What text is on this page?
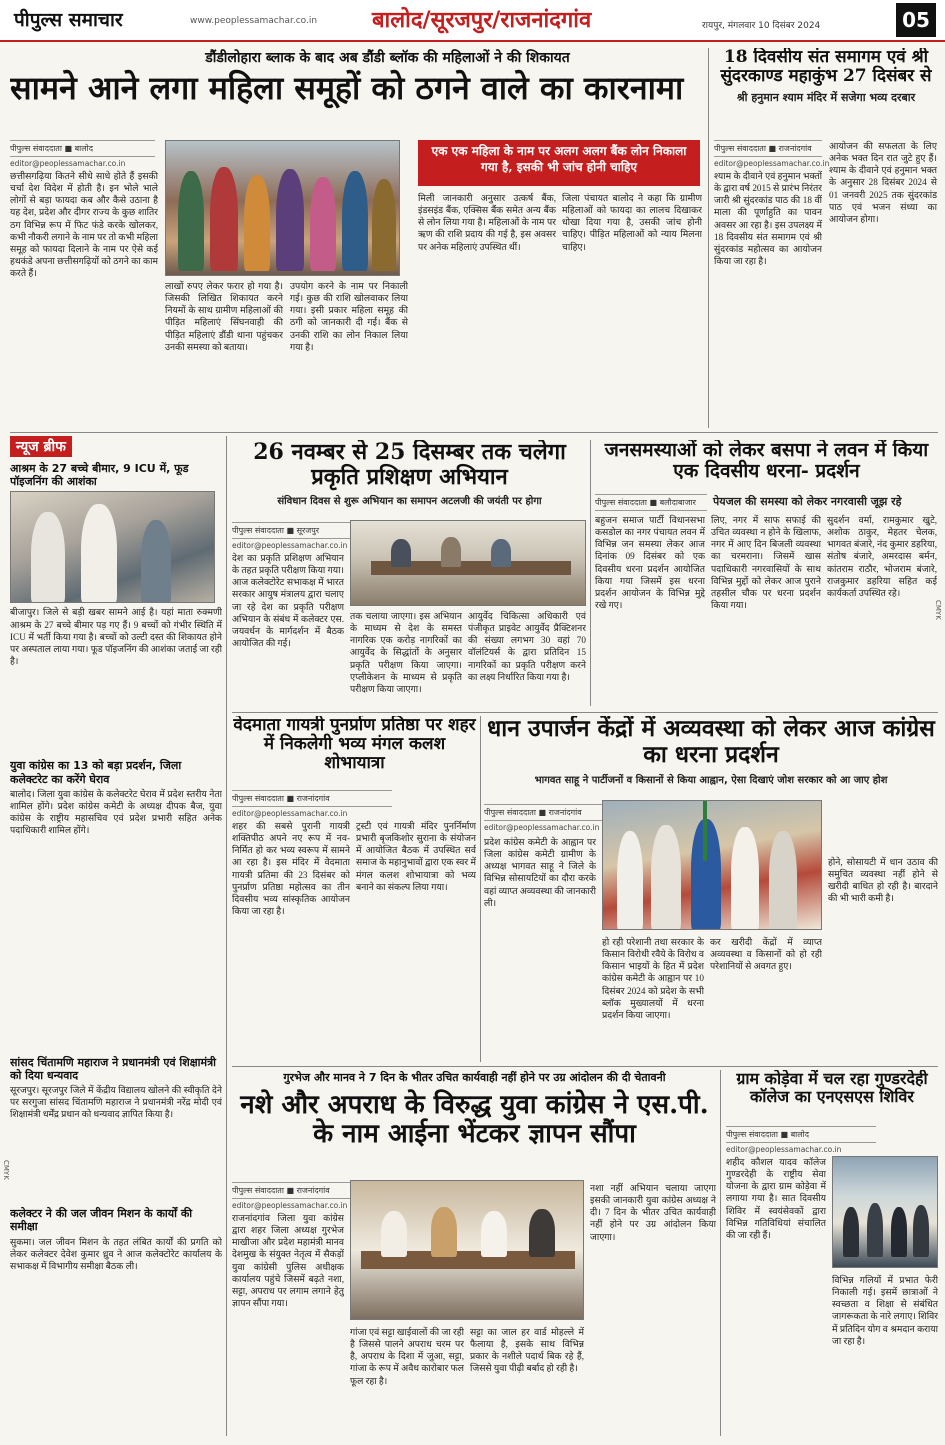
पीपुल्स समाचार	www.peoplessamachar.co.in बालोद/सूरजपुर/राजनांदगांव	रायपुर, मंगलवार 10 दिसंबर 2024	05
डौंडीलोहारा ब्लाक के बाद अब डौंडी ब्लॉक की महिलाओं ने की शिकायत
सामने आने लगा महिला समूहों को ठगने वाले का कारनामा
पीपुल्स संवाददाता ■ बालोद
editor@peoplessamachar.co.in
छत्तीसगढ़िया कितने सीधे साधे होते हैं इसकी चर्चा देश विदेश में होती है। इन भोले भाले लोगों से बड़ा फायदा कब और कैसे उठाना है यह देश, प्रदेश और दीगर राज्य के कुछ शातिर ठग विभिन्न रूप में फिट फंडे करके खोलकर, कभी नौकरी लगाने के नाम पर तो कभी महिला समूह को फायदा दिलाने के नाम पर ऐसे कई हथकंडे अपना छत्तीसगढ़ियों को ठगने का काम करते हैं।
लाखों रुपए लेकर फरार हो गया है। जिसकी लिखित शिकायत करने नियमों के साथ ग्रामीण महिलाओं की पीड़ित महिलाएं सिंघनवाही की पीड़ित महिलाएं डौंडी थाना पहुंचकर उनकी समस्या को बताया।
उपयोग करने के नाम पर निकाली गई। कुछ की राशि खोलवाकर लिया गया। इसी प्रकार महिला समूह की ठगी को जानकारी दी गई। बैंक से उनकी राशि का लोन निकाल लिया गया है।
एक एक महिला के नाम पर अलग अलग बैंक लोन निकाला गया है, इसकी भी जांच होनी चाहिए
मिली जानकारी अनुसार उत्कर्ष बैंक, इंडसइंड बैंक, एक्सिस बैंक समेत अन्य बैंक से लोन लिया गया है। महिलाओं के नाम पर ऋण की राशि प्रदाय की गई है, इस अवसर पर अनेक महिलाएं उपस्थित थीं।
जिला पंचायत बालोद ने कहा कि ग्रामीण महिलाओं को फायदा का लालच दिखाकर धोखा दिया गया है, उसकी जांच होनी चाहिए। पीड़ित महिलाओं को न्याय मिलना चाहिए।
18 दिवसीय संत समागम एवं श्री सुंदरकाण्ड महाकुंभ 27 दिसंबर से
श्री हनुमान श्याम मंदिर में सजेगा भव्य दरबार
पीपुल्स संवाददाता ■ राजनांदगांव
editor@peoplessamachar.co.in
श्याम के दीवाने एवं हनुमान भक्तों के द्वारा वर्ष 2015 से प्रारंभ निरंतर जारी श्री सुंदरकांड पाठ की 18 वीं माला की पूर्णाहुति का पावन अवसर आ रहा है। इस उपलक्ष्य में 18 दिवसीय संत समागम एवं श्री सुंदरकांड महोत्सव का आयोजन किया जा रहा है।
आयोजन की सफलता के लिए अनेक भक्त दिन रात जुटे हुए हैं। श्याम के दीवाने एवं हनुमान भक्त के अनुसार 28 दिसंबर 2024 से 01 जनवरी 2025 तक सुंदरकांड पाठ एवं भजन संध्या का आयोजन होगा।
न्यूज ब्रीफ
आश्रम के 27 बच्चे बीमार, 9 ICU में, फूड पॉइजनिंग की आशंका
बीजापुर। जिले से बड़ी खबर सामने आई है। यहां माता रुक्मणी आश्रम के 27 बच्चे बीमार पड़ गए हैं। 9 बच्चों को गंभीर स्थिति में ICU में भर्ती किया गया है। बच्चों को उल्टी दस्त की शिकायत होने पर अस्पताल लाया गया। फूड पॉइजनिंग की आशंका जताई जा रही है।
युवा कांग्रेस का 13 को बड़ा प्रदर्शन, जिला कलेक्टरेट का करेंगे घेराव
बालोद। जिला युवा कांग्रेस के कलेक्टरेट घेराव में प्रदेश स्तरीय नेता शामिल होंगे। प्रदेश कांग्रेस कमेटी के अध्यक्ष दीपक बैज, युवा कांग्रेस के राष्ट्रीय महासचिव एवं प्रदेश प्रभारी सहित अनेक पदाधिकारी शामिल होंगे।
सांसद चिंतामणि महाराज ने प्रधानमंत्री एवं शिक्षामंत्री को दिया धन्यवाद
सूरजपुर। सूरजपुर जिले में केंद्रीय विद्यालय खोलने की स्वीकृति देने पर सरगुजा सांसद चिंतामणि महाराज ने प्रधानमंत्री नरेंद्र मोदी एवं शिक्षामंत्री धर्मेंद्र प्रधान को धन्यवाद ज्ञापित किया है।
कलेक्टर ने की जल जीवन मिशन के कार्यों की समीक्षा
सुकमा। जल जीवन मिशन के तहत लंबित कार्यों की प्रगति को लेकर कलेक्टर देवेश कुमार ध्रुव ने आज कलेक्टोरेट कार्यालय के सभाकक्ष में विभागीय समीक्षा बैठक ली।
26 नवम्बर से 25 दिसम्बर तक चलेगा प्रकृति प्रशिक्षण अभियान
संविधान दिवस से शुरू अभियान का समापन अटलजी की जयंती पर होगा
पीपुल्स संवाददाता ■ सूरजपुर
editor@peoplessamachar.co.in
देश का प्रकृति प्रशिक्षण अभियान के तहत प्रकृति परीक्षण किया गया। आज कलेक्टोरेट सभाकक्ष में भारत सरकार आयुष मंत्रालय द्वारा चलाए जा रहे देश का प्रकृति परीक्षण अभियान के संबंध में कलेक्टर एस. जयवर्धन के मार्गदर्शन में बैठक आयोजित की गई।
तक चलाया जाएगा। इस अभियान के माध्यम से देश के समस्त नागरिक एक करोड़ नागरिकों का आयुर्वेद के सिद्धांतों के अनुसार प्रकृति परीक्षण किया जाएगा। एप्लीकेशन के माध्यम से प्रकृति परीक्षण किया जाएगा।
आयुर्वेद चिकित्सा अधिकारी एवं पंजीकृत प्राइवेट आयुर्वेद प्रैक्टिशनर की संख्या लगभग 30 वहां 70 वॉलंटियर्स के द्वारा प्रतिदिन 15 नागरिकों का प्रकृति परीक्षण करने का लक्ष्य निर्धारित किया गया है।
जनसमस्याओं को लेकर बसपा ने लवन में किया एक दिवसीय धरना- प्रदर्शन
पीपुल्स संवाददाता ■ बलौदाबाजार	पेयजल की समस्या को लेकर नगरवासी जूझ रहे
बहुजन समाज पार्टी विधानसभा कसडोल का नगर पंचायत लवन में विभिन्न जन समस्या लेकर आज दिनांक 09 दिसंबर को एक दिवसीय धरना प्रदर्शन आयोजित किया गया जिसमें इस धरना प्रदर्शन आयोजन के विभिन्न मुद्दे रखे गए।
लिए, नगर में साफ सफाई की उचित व्यवस्था न होने के खिलाफ, नगर में आए दिन बिजली व्यवस्था का चरमराना। जिसमें खास पदाधिकारी नगरवासियों के साथ विभिन्न मुद्दों को लेकर आज पुराने तहसील चौक पर धरना प्रदर्शन किया गया।
सुदर्शन वर्मा, रामकुमार खुटे, अशोक ठाकुर, मेहतर चेलक, भागवत बंजारे, नंद कुमार डहरिया, संतोष बंजारे, अमरदास बर्मन, कांतराम राठौर, भोजराम बंजारे, राजकुमार डहरिया सहित कई कार्यकर्ता उपस्थित रहे।
वेदमाता गायत्री पुनर्प्राण प्रतिष्ठा पर शहर में निकलेगी भव्य मंगल कलश शोभायात्रा
पीपुल्स संवाददाता ■ राजनांदगांव
editor@peoplessamachar.co.in
शहर की सबसे पुरानी गायत्री शक्तिपीठ अपने नए रूप में नव-निर्मित हो कर भव्य स्वरूप में सामने आ रहा है। इस मंदिर में वेदमाता गायत्री प्रतिमा की 23 दिसंबर को पुनर्प्राण प्रतिष्ठा महोत्सव का तीन दिवसीय भव्य सांस्कृतिक आयोजन किया जा रहा है।
ट्रस्टी एवं गायत्री मंदिर पुनर्निर्माण प्रभारी बृजकिशोर सुराना के संयोजन में आयोजित बैठक में उपस्थित सर्व समाज के महानुभावों द्वारा एक स्वर में मंगल कलश शोभायात्रा को भव्य बनाने का संकल्प लिया गया।
धान उपार्जन केंद्रों में अव्यवस्था को लेकर आज कांग्रेस का धरना प्रदर्शन
भागवत साहू ने पार्टीजनों व किसानों से किया आह्वान, ऐसा दिखाएं जोश सरकार को आ जाए होश
पीपुल्स संवाददाता ■ राजनांदगांव
editor@peoplessamachar.co.in
प्रदेश कांग्रेस कमेटी के आह्वान पर जिला कांग्रेस कमेटी ग्रामीण के अध्यक्ष भागवत साहू ने जिले के विभिन्न सोसायटियों का दौरा करके वहां व्याप्त अव्यवस्था की जानकारी ली।
हो रही परेशानी तथा सरकार के किसान विरोधी रवैये के विरोध व किसान भाइयों के हित में प्रदेश कांग्रेस कमेटी के आह्वान पर 10 दिसंबर 2024 को प्रदेश के सभी ब्लॉक मुख्यालयों में धरना प्रदर्शन किया जाएगा।
कर खरीदी केंद्रों में व्याप्त अव्यवस्था व किसानों को हो रही परेशानियों से अवगत हुए।
होने, सोसायटी में धान उठाव की समुचित व्यवस्था नहीं होने से खरीदी बाधित हो रही है। बारदाने की भी भारी कमी है।
गुरभेज और मानव ने 7 दिन के भीतर उचित कार्यवाही नहीं होने पर उग्र आंदोलन की दी चेतावनी
नशे और अपराध के विरुद्ध युवा कांग्रेस ने एस.पी. के नाम आईना भेंटकर ज्ञापन सौंपा
पीपुल्स संवाददाता ■ राजनांदगांव
editor@peoplessamachar.co.in
राजनांदगांव जिला युवा कांग्रेस द्वारा शहर जिला अध्यक्ष गुरभेज माखीजा और प्रदेश महामंत्री मानव देशमुख के संयुक्त नेतृत्व में सैकड़ों युवा कांग्रेसी पुलिस अधीक्षक कार्यालय पहुंचे जिसमें बढ़ते नशा, सट्टा, अपराध पर लगाम लगाने हेतु ज्ञापन सौंपा गया।
गांजा एवं सट्टा खाईवालों की जा रही है जिससे पालने अपराध चरम पर है, अपराध के दिशा में जुआ, सट्टा, गांजा के रूप में अवैध कारोबार फल फूल रहा है।
सट्टा का जाल हर वार्ड मोहल्ले में फैलाया है, इसके साथ विभिन्न प्रकार के नशीले पदार्थ बिक रहे हैं, जिससे युवा पीढ़ी बर्बाद हो रही है।
नशा नहीं अभियान चलाया जाएगा इसकी जानकारी युवा कांग्रेस अध्यक्ष ने दी। 7 दिन के भीतर उचित कार्यवाही नहीं होने पर उग्र आंदोलन किया जाएगा।
ग्राम कोड़ेवा में चल रहा गुण्डरदेही कॉलेज का एनएसएस शिविर
पीपुल्स संवाददाता ■ बालोद
editor@peoplessamachar.co.in
शहीद कौशल यादव कॉलेज गुण्डरदेही के राष्ट्रीय सेवा योजना के द्वारा ग्राम कोड़ेवा में लगाया गया है। सात दिवसीय शिविर में स्वयंसेवकों द्वारा विभिन्न गतिविधियां संचालित की जा रही हैं।
विभिन्न गलियों में प्रभात फेरी निकाली गई। इसमें छात्राओं ने स्वच्छता व शिक्षा से संबंधित जागरूकता के नारे लगाए। शिविर में प्रतिदिन योग व श्रमदान कराया जा रहा है।
CMYK
CMYK
